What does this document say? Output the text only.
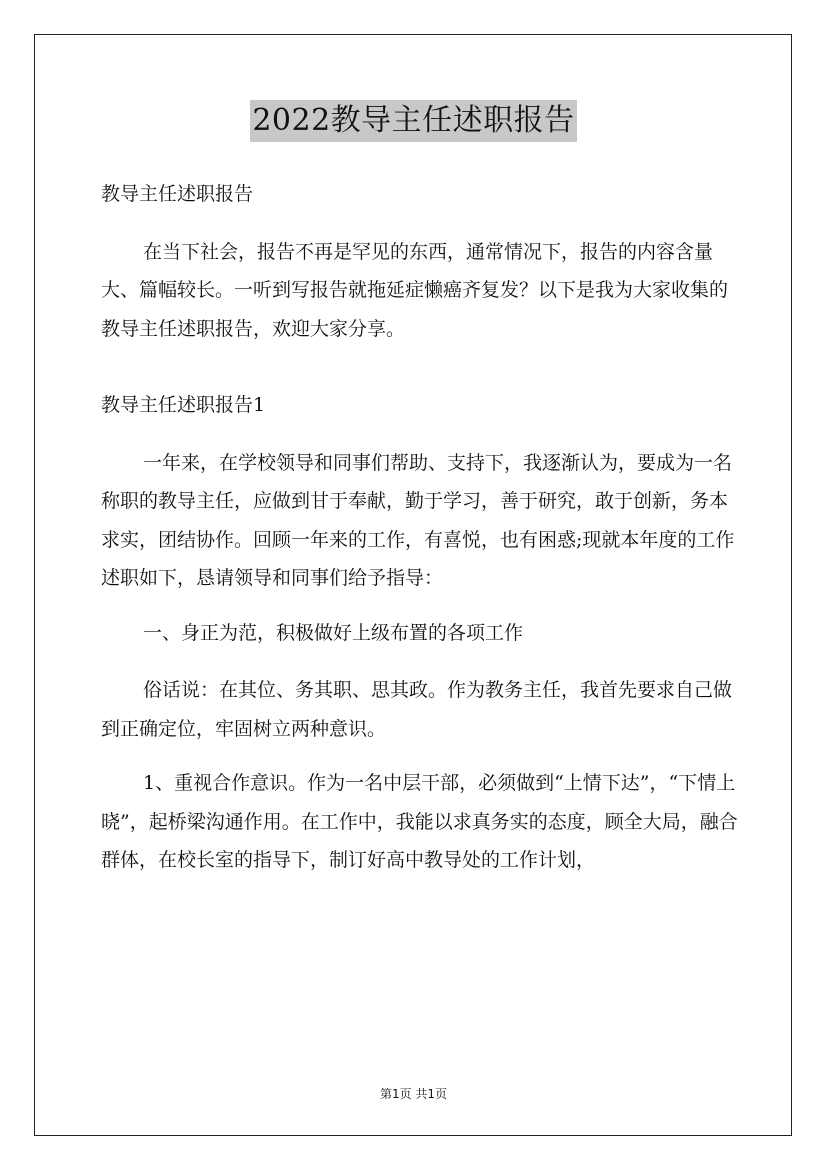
2022教导主任述职报告

教导主任述职报告

在当下社会，报告不再是罕见的东西，通常情况下，报告的内容含量大、篇幅较长。一听到写报告就拖延症懒癌齐复发？以下是我为大家收集的教导主任述职报告，欢迎大家分享。

教导主任述职报告1

一年来，在学校领导和同事们帮助、支持下，我逐渐认为，要成为一名称职的教导主任，应做到甘于奉献，勤于学习，善于研究，敢于创新，务本求实，团结协作。回顾一年来的工作，有喜悦，也有困惑;现就本年度的工作述职如下，恳请领导和同事们给予指导：

一、身正为范，积极做好上级布置的各项工作

俗话说：在其位、务其职、思其政。作为教务主任，我首先要求自己做到正确定位，牢固树立两种意识。

1、重视合作意识。作为一名中层干部，必须做到“上情下达”，“下情上晓”，起桥梁沟通作用。在工作中，我能以求真务实的态度，顾全大局，融合群体，在校长室的指导下，制订好高中教导处的工作计划，

第1页 共1页
